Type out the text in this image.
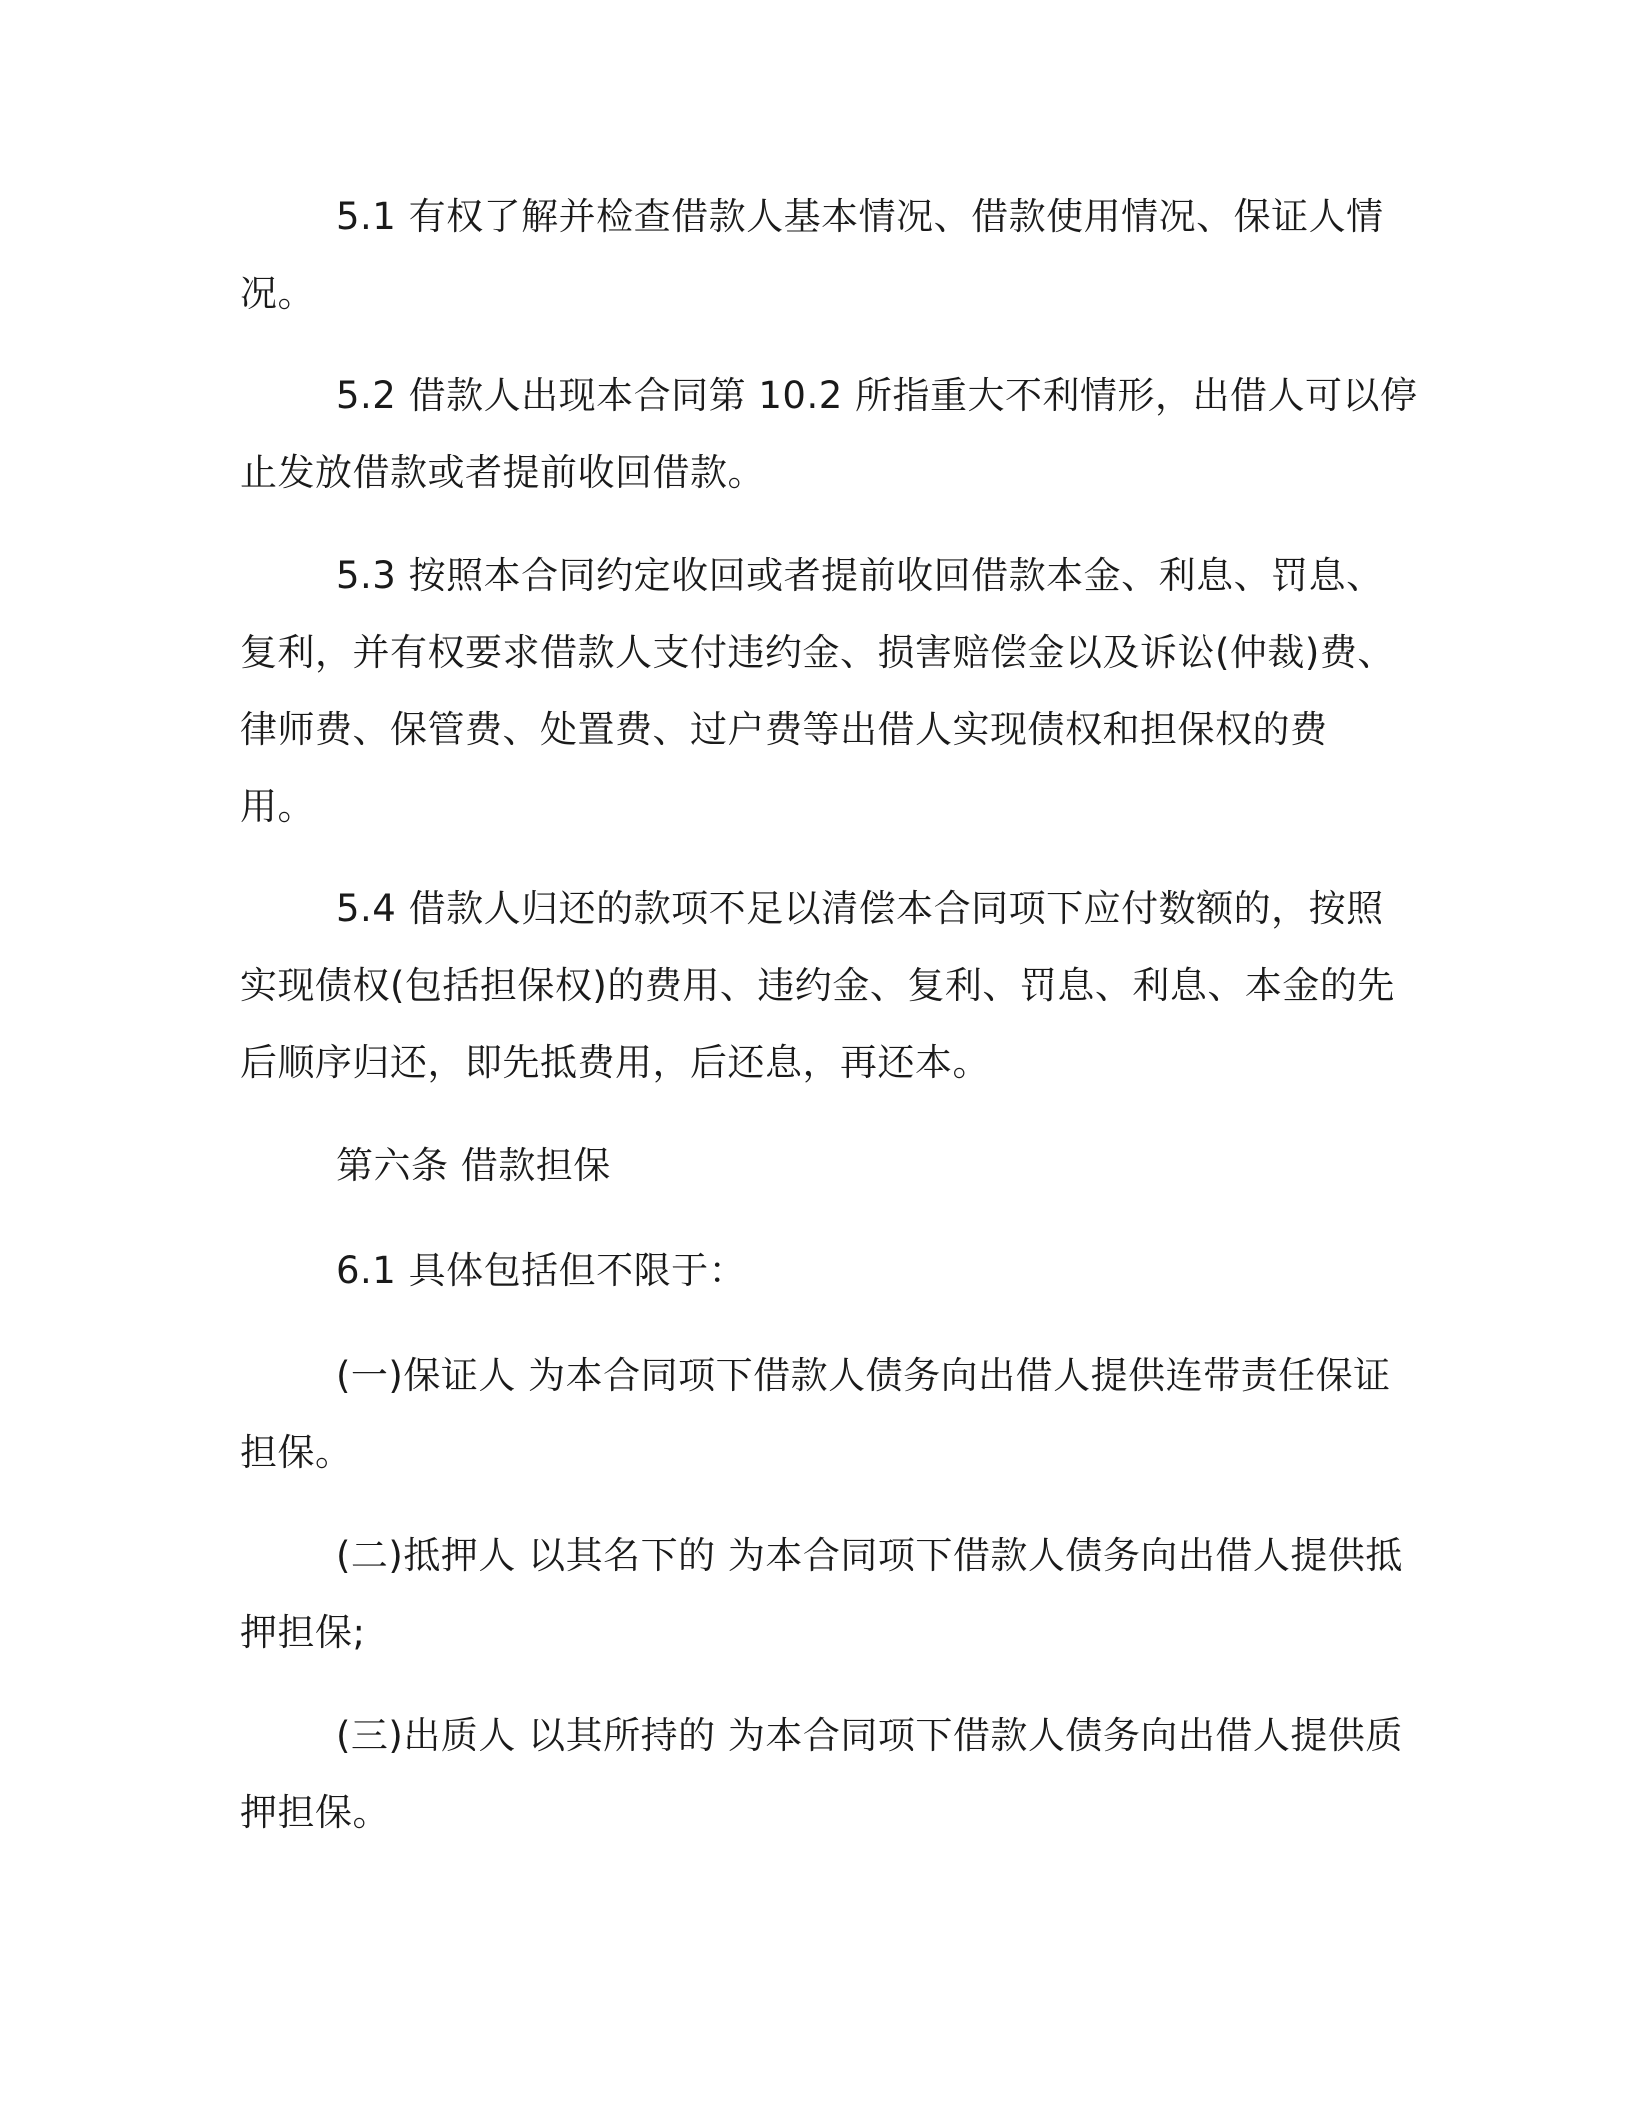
5.1 有权了解并检查借款人基本情况、借款使用情况、保证人情
况。
5.2 借款人出现本合同第 10.2 所指重大不利情形，出借人可以停
止发放借款或者提前收回借款。
5.3 按照本合同约定收回或者提前收回借款本金、利息、罚息、
复利，并有权要求借款人支付违约金、损害赔偿金以及诉讼(仲裁)费、
律师费、保管费、处置费、过户费等出借人实现债权和担保权的费
用。
5.4 借款人归还的款项不足以清偿本合同项下应付数额的，按照
实现债权(包括担保权)的费用、违约金、复利、罚息、利息、本金的先
后顺序归还，即先抵费用，后还息，再还本。
第六条 借款担保
6.1 具体包括但不限于：
(一)保证人 为本合同项下借款人债务向出借人提供连带责任保证
担保。
(二)抵押人 以其名下的 为本合同项下借款人债务向出借人提供抵
押担保;
(三)出质人 以其所持的 为本合同项下借款人债务向出借人提供质
押担保。
